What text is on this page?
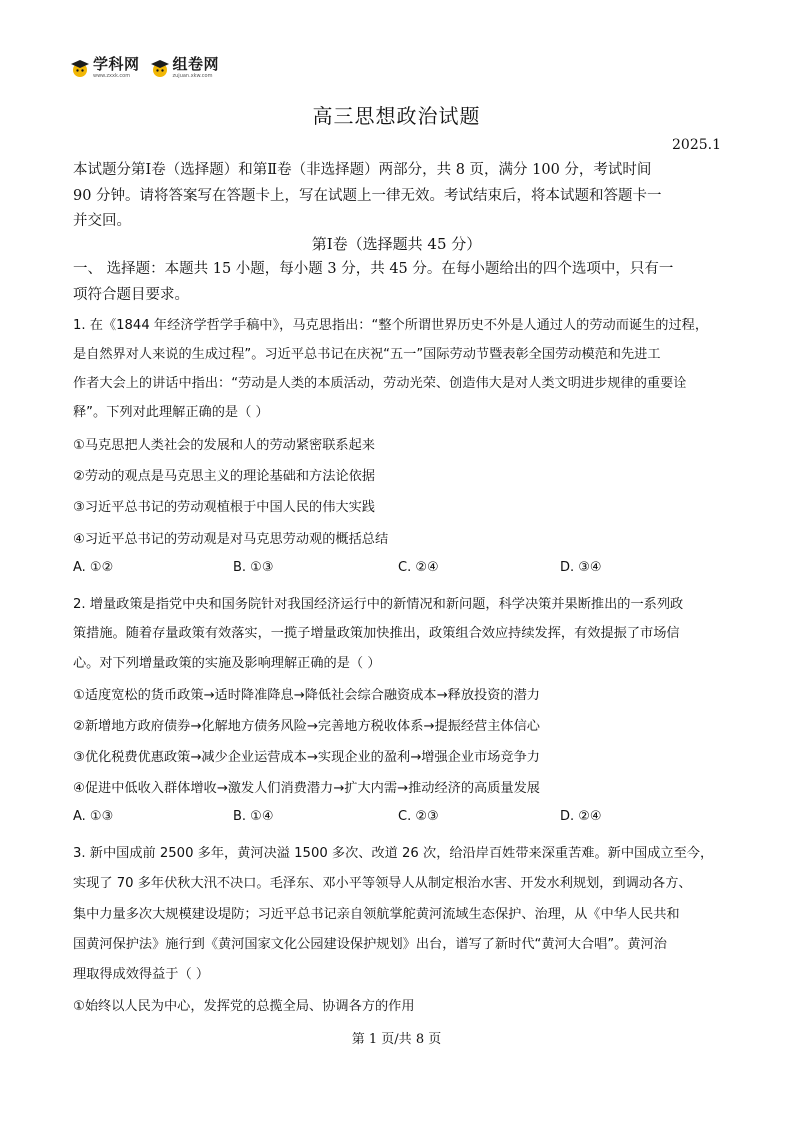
学科网
www.zxxk.com
组卷网
zujuan.xkw.com
高三思想政治试题
2025.1
本试题分第Ⅰ卷（选择题）和第Ⅱ卷（非选择题）两部分，共 8 页，满分 100 分，考试时间
90 分钟。请将答案写在答题卡上，写在试题上一律无效。考试结束后，将本试题和答题卡一
并交回。
第Ⅰ卷（选择题共 45 分）
一、 选择题：本题共 15 小题，每小题 3 分，共 45 分。在每小题给出的四个选项中，只有一
项符合题目要求。
1. 在《1844 年经济学哲学手稿中》，马克思指出：“整个所谓世界历史不外是人通过人的劳动而诞生的过程，
是自然界对人来说的生成过程”。习近平总书记在庆祝“五一”国际劳动节暨表彰全国劳动模范和先进工
作者大会上的讲话中指出：“劳动是人类的本质活动，劳动光荣、创造伟大是对人类文明进步规律的重要诠
释”。下列对此理解正确的是（ ）
①马克思把人类社会的发展和人的劳动紧密联系起来
②劳动的观点是马克思主义的理论基础和方法论依据
③习近平总书记的劳动观植根于中国人民的伟大实践
④习近平总书记的劳动观是对马克思劳动观的概括总结
A. ①②	B. ①③	C. ②④	D. ③④
2. 增量政策是指党中央和国务院针对我国经济运行中的新情况和新问题，科学决策并果断推出的一系列政
策措施。随着存量政策有效落实，一揽子增量政策加快推出，政策组合效应持续发挥，有效提振了市场信
心。对下列增量政策的实施及影响理解正确的是（ ）
①适度宽松的货币政策→适时降准降息→降低社会综合融资成本→释放投资的潜力
②新增地方政府债券→化解地方债务风险→完善地方税收体系→提振经营主体信心
③优化税费优惠政策→减少企业运营成本→实现企业的盈利→增强企业市场竞争力
④促进中低收入群体增收→激发人们消费潜力→扩大内需→推动经济的高质量发展
A. ①③	B. ①④	C. ②③	D. ②④
3. 新中国成前 2500 多年，黄河决溢 1500 多次、改道 26 次，给沿岸百姓带来深重苦难。新中国成立至今，
实现了 70 多年伏秋大汛不决口。毛泽东、邓小平等领导人从制定根治水害、开发水利规划，到调动各方、
集中力量多次大规模建设堤防；习近平总书记亲自领航掌舵黄河流域生态保护、治理，从《中华人民共和
国黄河保护法》施行到《黄河国家文化公园建设保护规划》出台，谱写了新时代“黄河大合唱”。黄河治
理取得成效得益于（ ）
①始终以人民为中心，发挥党的总揽全局、协调各方的作用
第 1 页/共 8 页
